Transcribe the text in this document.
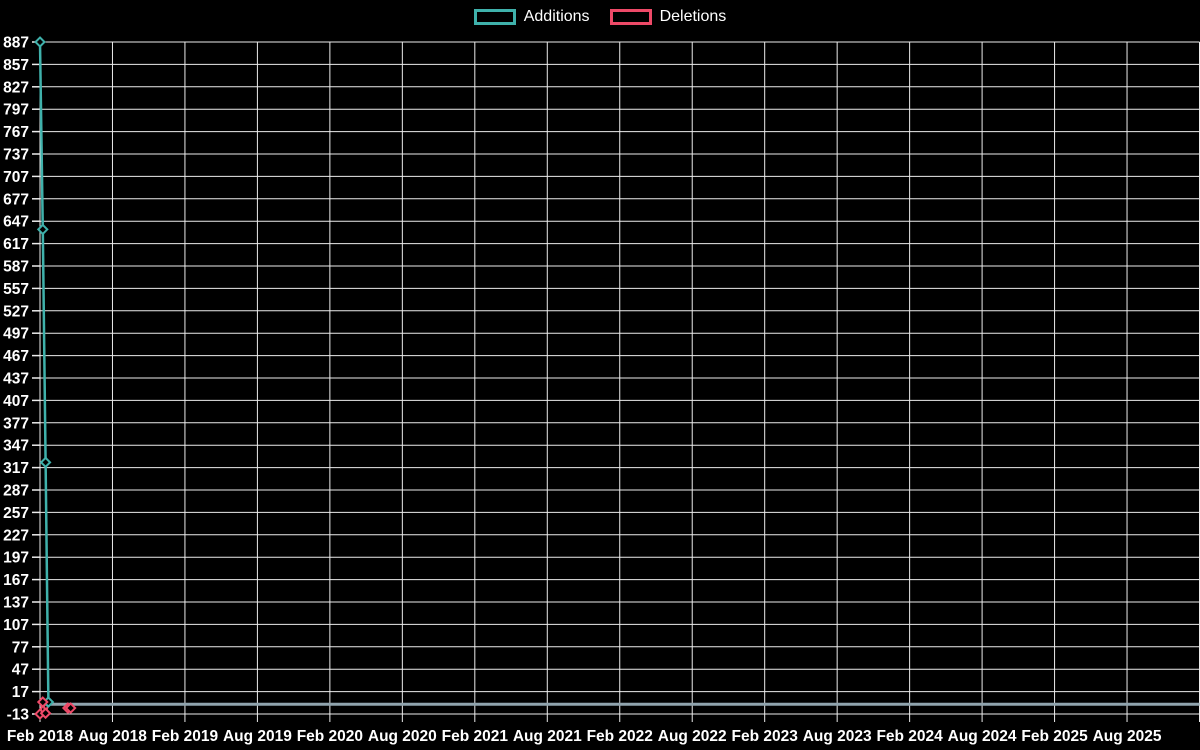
Additions	Deletions
887
857
827
797
767
737
707
677
647
617
587
557
527
497
467
437
407
377
347
317
287
257
227
197
167
137
107
77
47
17
-13
Feb 2018 Aug 2018 Feb 2019 Aug 2019 Feb 2020 Aug 2020 Feb 2021 Aug 2021 Feb 2022 Aug 2022 Feb 2023 Aug 2023 Feb 2024 Aug 2024 Feb 2025 Aug 2025
